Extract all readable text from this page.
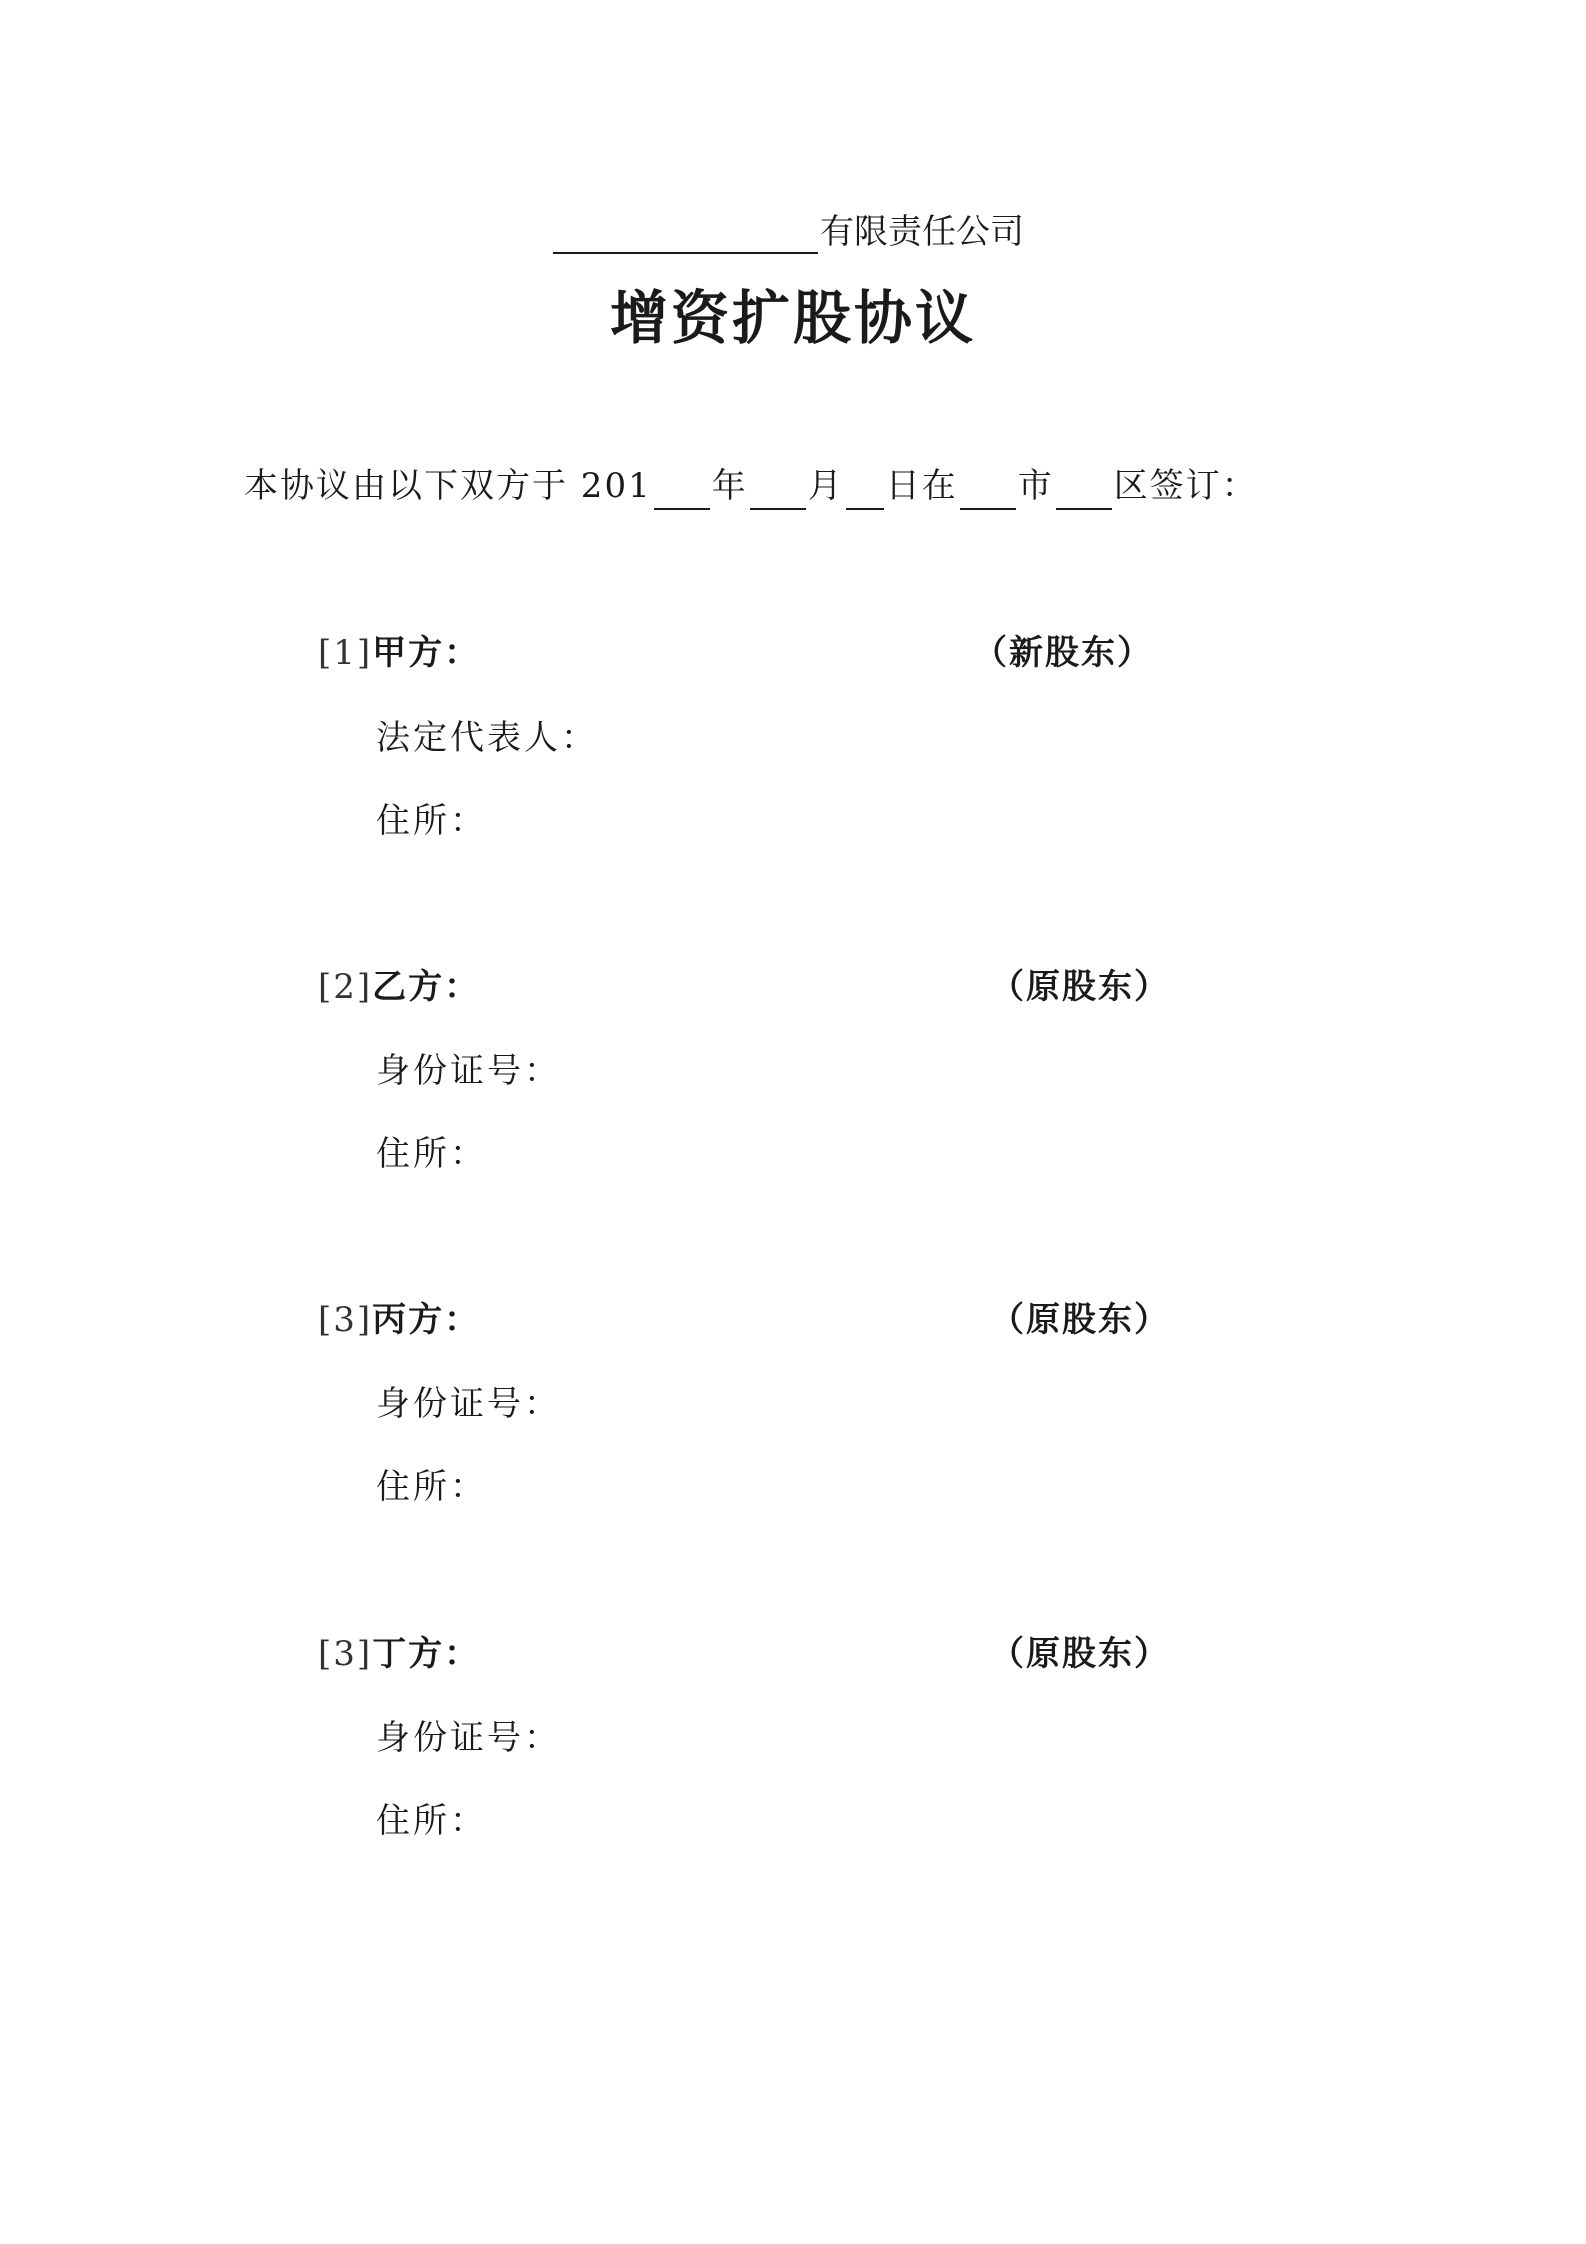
有限责任公司
增资扩股协议
本协议由以下双方于 201 年 月 日在 市 区签订：
[1]甲方：	（新股东）
法定代表人：
住所：
[2]乙方：	（原股东）
身份证号：
住所：
[3]丙方：	（原股东）
身份证号：
住所：
[3]丁方：	（原股东）
身份证号：
住所：
